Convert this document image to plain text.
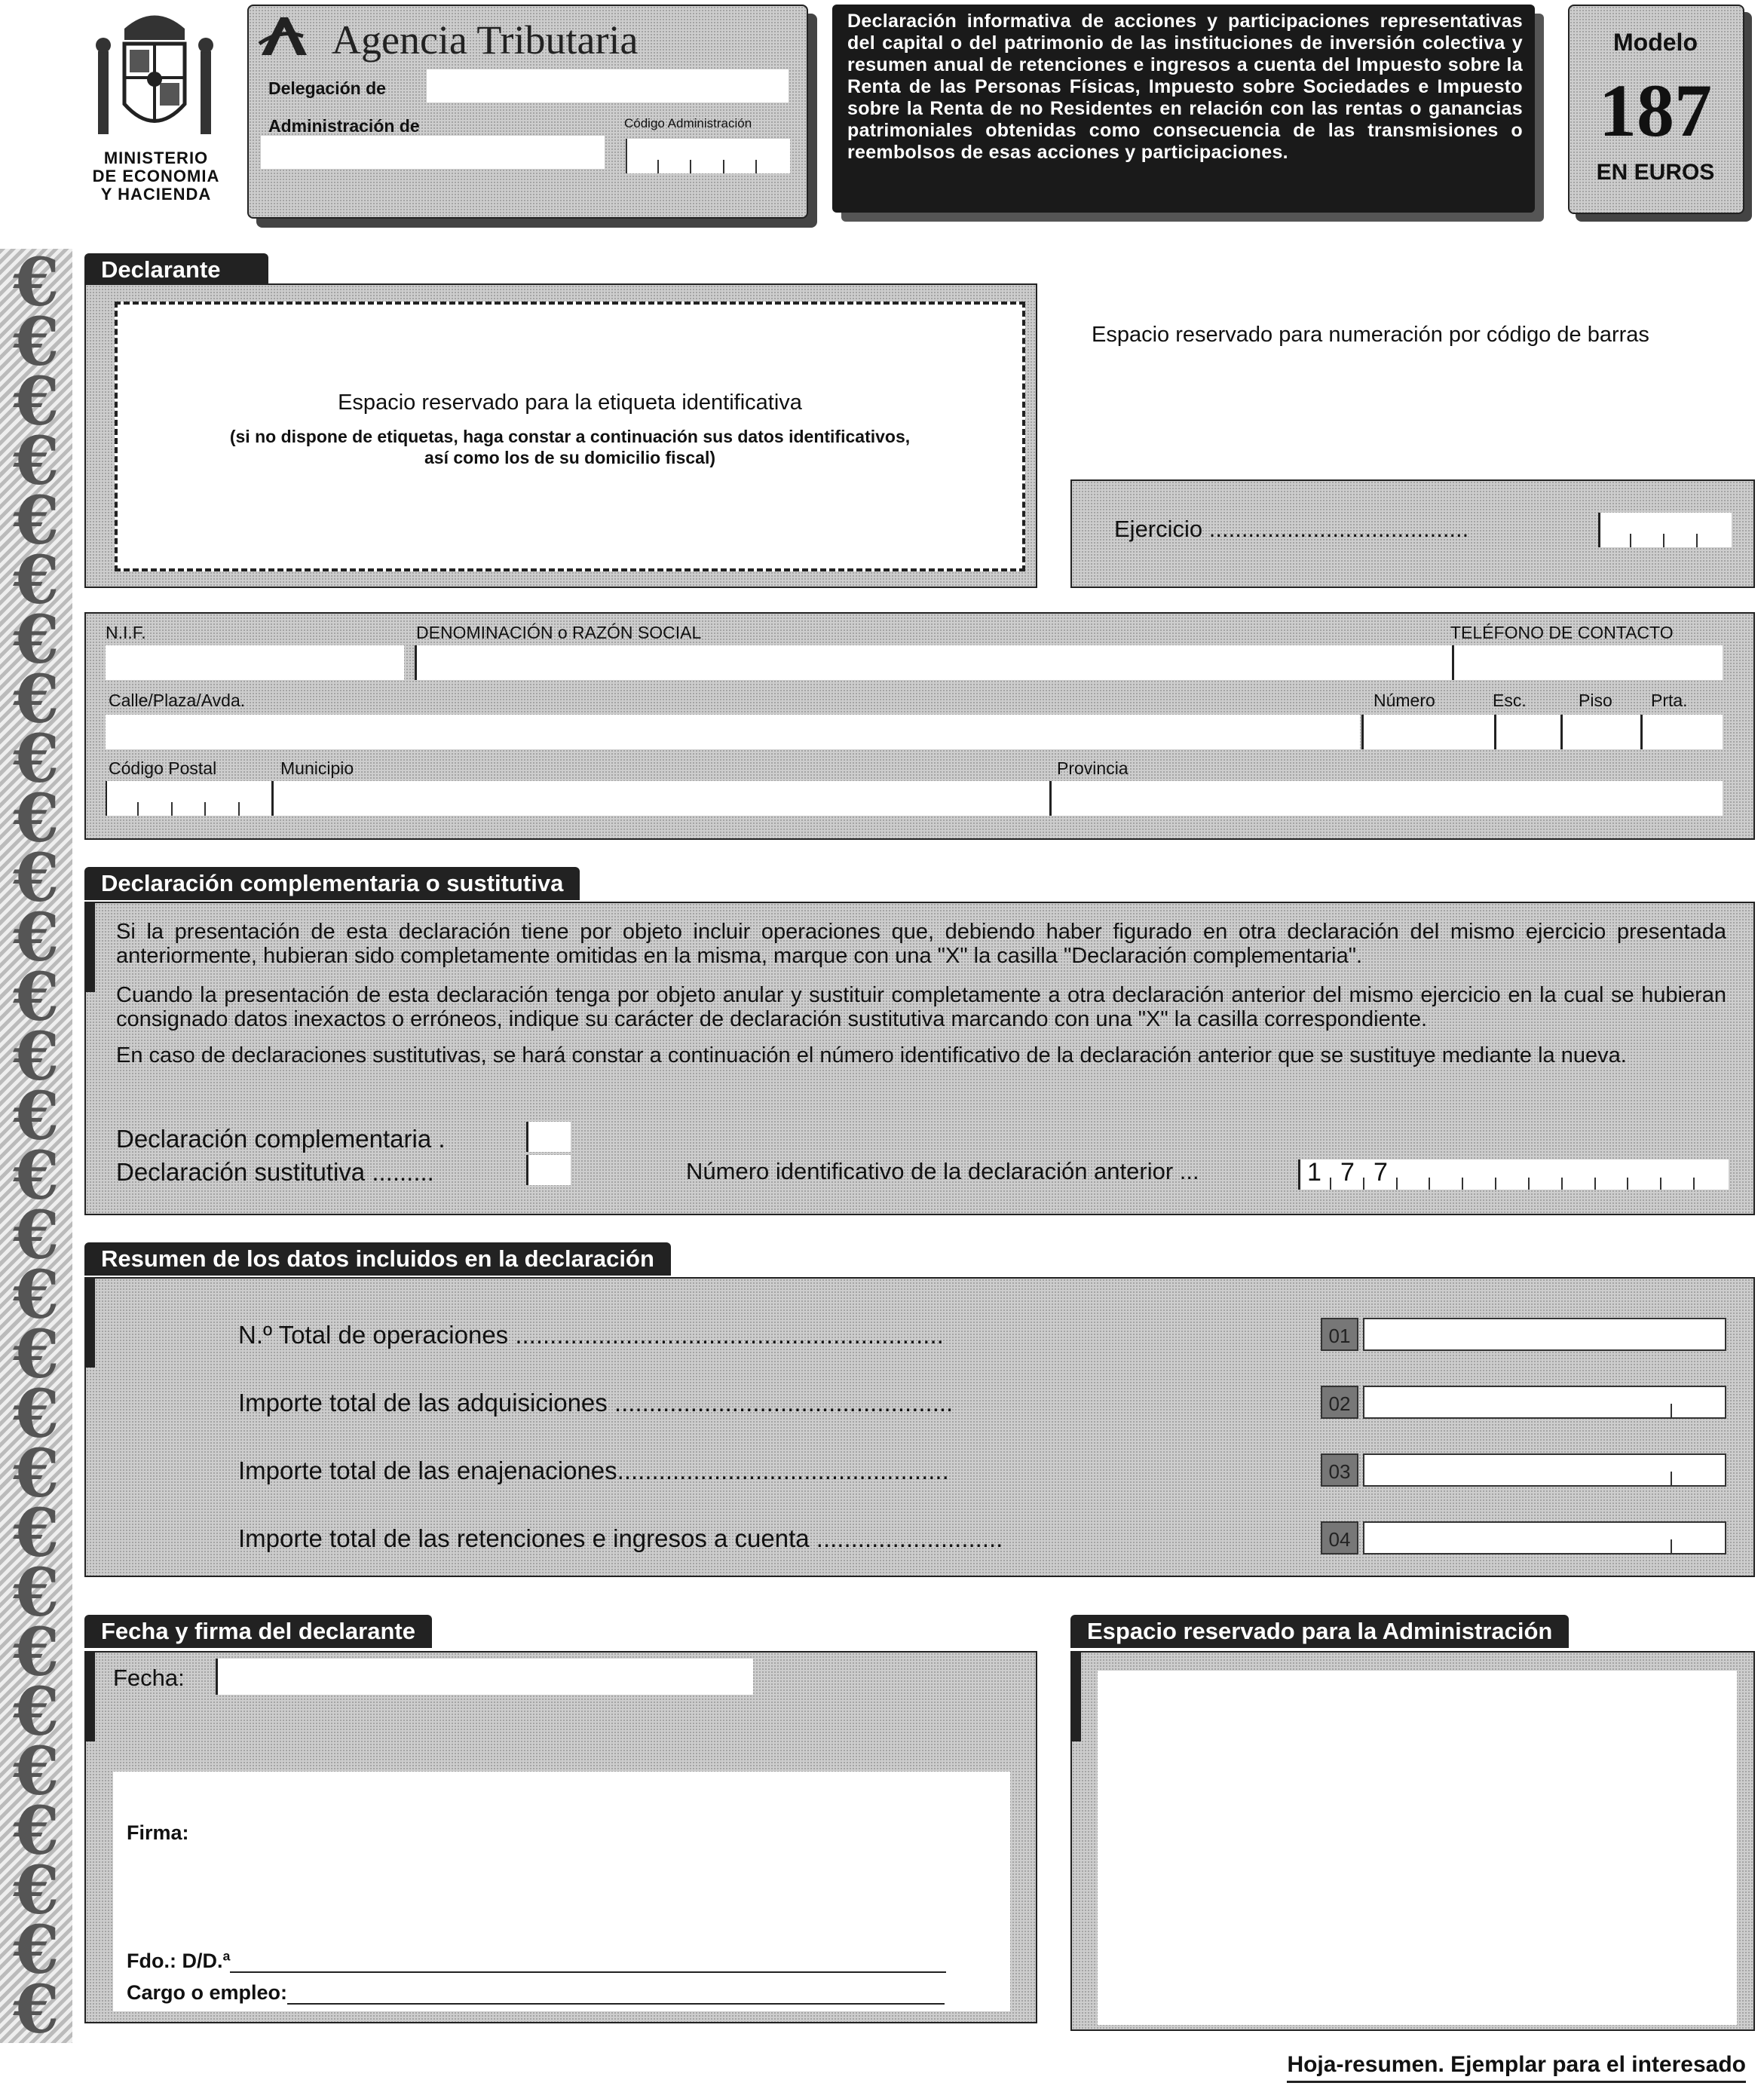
€
€
€
€
€
€
€
€
€
€
€
€
€
€
€
€
€
€
€
€
€
€
€
€
€
€
€
€
€
€
MINISTERIO
DE ECONOMIA
Y HACIENDA
Agencia Tributaria
Delegación de
Administración de	Código Administración
Declaración informativa de acciones y participaciones representativas del capital o del patrimonio de las instituciones de inversión colectiva y resumen anual de retenciones e ingresos a cuenta del Impuesto sobre la Renta de las Personas Físicas, Impuesto sobre Sociedades e Impuesto sobre la Renta de no Residentes en relación con las rentas o ganancias patrimoniales obtenidas como consecuencia de las transmisiones o reembolsos de esas acciones y participaciones.
Modelo
187
EN EUROS
Declarante
Espacio reservado para la etiqueta identificativa
(si no dispone de etiquetas, haga constar a continuación sus datos identificativos,
así como los de su domicilio fiscal)
Espacio reservado para numeración por código de barras
Ejercicio ........................................
N.I.F.	DENOMINACIÓN o RAZÓN SOCIAL	TELÉFONO DE CONTACTO
Calle/Plaza/Avda.	Número	Esc.	Piso Prta.
Código Postal	Municipio	Provincia
Declaración complementaria o sustitutiva
Si la presentación de esta declaración tiene por objeto incluir operaciones que, debiendo haber figurado en otra declaración del mismo ejercicio presentada anteriormente, hubieran sido completamente omitidas en la misma, marque con una "X" la casilla "Declaración complementaria".
Cuando la presentación de esta declaración tenga por objeto anular y sustituir completamente a otra declaración anterior del mismo ejercicio en la cual se hubieran consignado datos inexactos o erróneos, indique su carácter de declaración sustitutiva marcando con una "X" la casilla correspondiente.
En caso de declaraciones sustitutivas, se hará constar a continuación el número identificativo de la declaración anterior que se sustituye mediante la nueva.
Declaración complementaria .
Declaración sustitutiva .........	Número identificativo de la declaración anterior ...	1 7 7
Resumen de los datos incluidos en la declaración
N.º Total de operaciones ..............................................................	01
Importe total de las adquisiciones .................................................	02
Importe total de las enajenaciones................................................	03
Importe total de las retenciones e ingresos a cuenta ...........................	04
Fecha y firma del declarante
Fecha:
Firma:
Fdo.: D/D.ª
Cargo o empleo:
Espacio reservado para la Administración
Hoja-resumen. Ejemplar para el interesado
